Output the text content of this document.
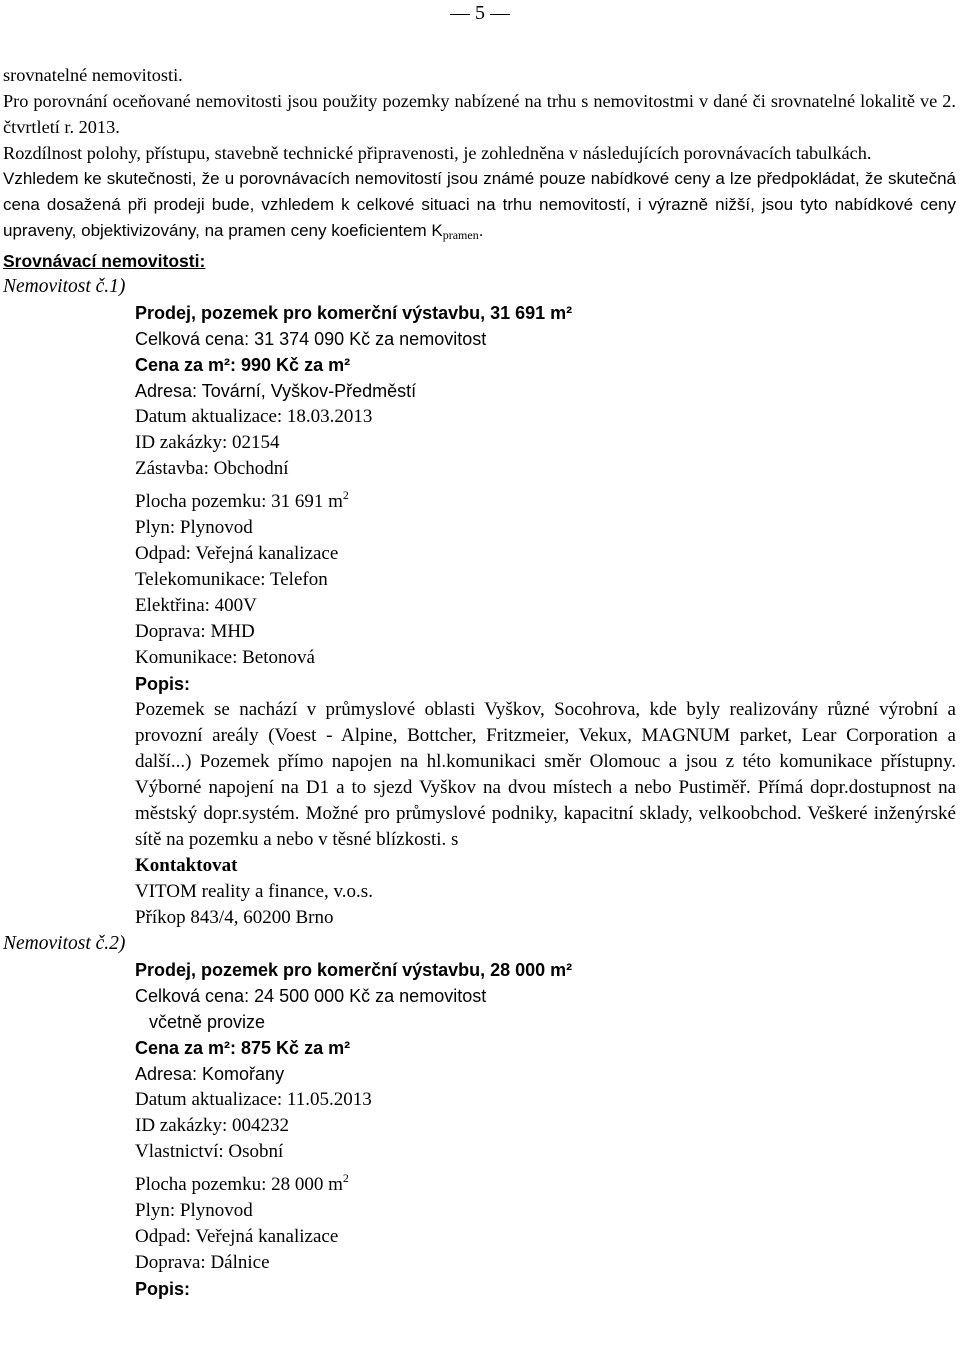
— 5 —

srovnatelné nemovitosti.

Pro porovnání oceňované nemovitosti jsou použity pozemky nabízené na trhu s nemovitostmi v dané či srovnatelné lokalitě ve 2. čtvrtletí r. 2013.

Rozdílnost polohy, přístupu, stavebně technické připravenosti, je zohledněna v následujících porovnávacích tabulkách.

Vzhledem ke skutečnosti, že u porovnávacích nemovitostí jsou známé pouze nabídkové ceny a lze předpokládat, že skutečná cena dosažená při prodeji bude, vzhledem k celkové situaci na trhu nemovitostí, i výrazně nižší, jsou tyto nabídkové ceny upraveny, objektivizovány, na pramen ceny koeficientem $K_{pramen}$.

Srovnávací nemovitosti:

Nemovitost č.1)

Prodej, pozemek pro komerční výstavbu, 31 691 m²

Celková cena: 31 374 090 Kč za nemovitost

Cena za m²: 990 Kč za m²

Adresa: Tovární, Vyškov-Předměstí

Datum aktualizace: 18.03.2013

ID zakázky: 02154

Zástavba: Obchodní

Plocha pozemku: 31 691 $m^2$

Plyn: Plynovod

Odpad: Veřejná kanalizace

Telekomunikace: Telefon

Elektřina: 400V

Doprava: MHD

Komunikace: Betonová

Popis:

Pozemek se nachází v průmyslové oblasti Vyškov, Socohrova, kde byly realizovány různé výrobní a provozní areály (Voest - Alpine, Bottcher, Fritzmeier, Vekux, MAGNUM parket, Lear Corporation a další...) Pozemek přímo napojen na hl.komunikaci směr Olomouc a jsou z této komunikace přístupny. Výborné napojení na D1 a to sjezd Vyškov na dvou místech a nebo Pustiměř. Přímá dopr.dostupnost na městský dopr.systém. Možné pro průmyslové podniky, kapacitní sklady, velkoobchod. Veškeré inženýrské sítě na pozemku a nebo v těsné blízkosti. s

Kontaktovat

VITOM reality a finance, v.o.s.

Příkop 843/4, 60200 Brno

Nemovitost č.2)

Prodej, pozemek pro komerční výstavbu, 28 000 m²

Celková cena: 24 500 000 Kč za nemovitost

včetně provize

Cena za m²: 875 Kč za m²

Adresa: Komořany

Datum aktualizace: 11.05.2013

ID zakázky: 004232

Vlastnictví: Osobní

Plocha pozemku: 28 000 $m^2$

Plyn: Plynovod

Odpad: Veřejná kanalizace

Doprava: Dálnice

Popis:
